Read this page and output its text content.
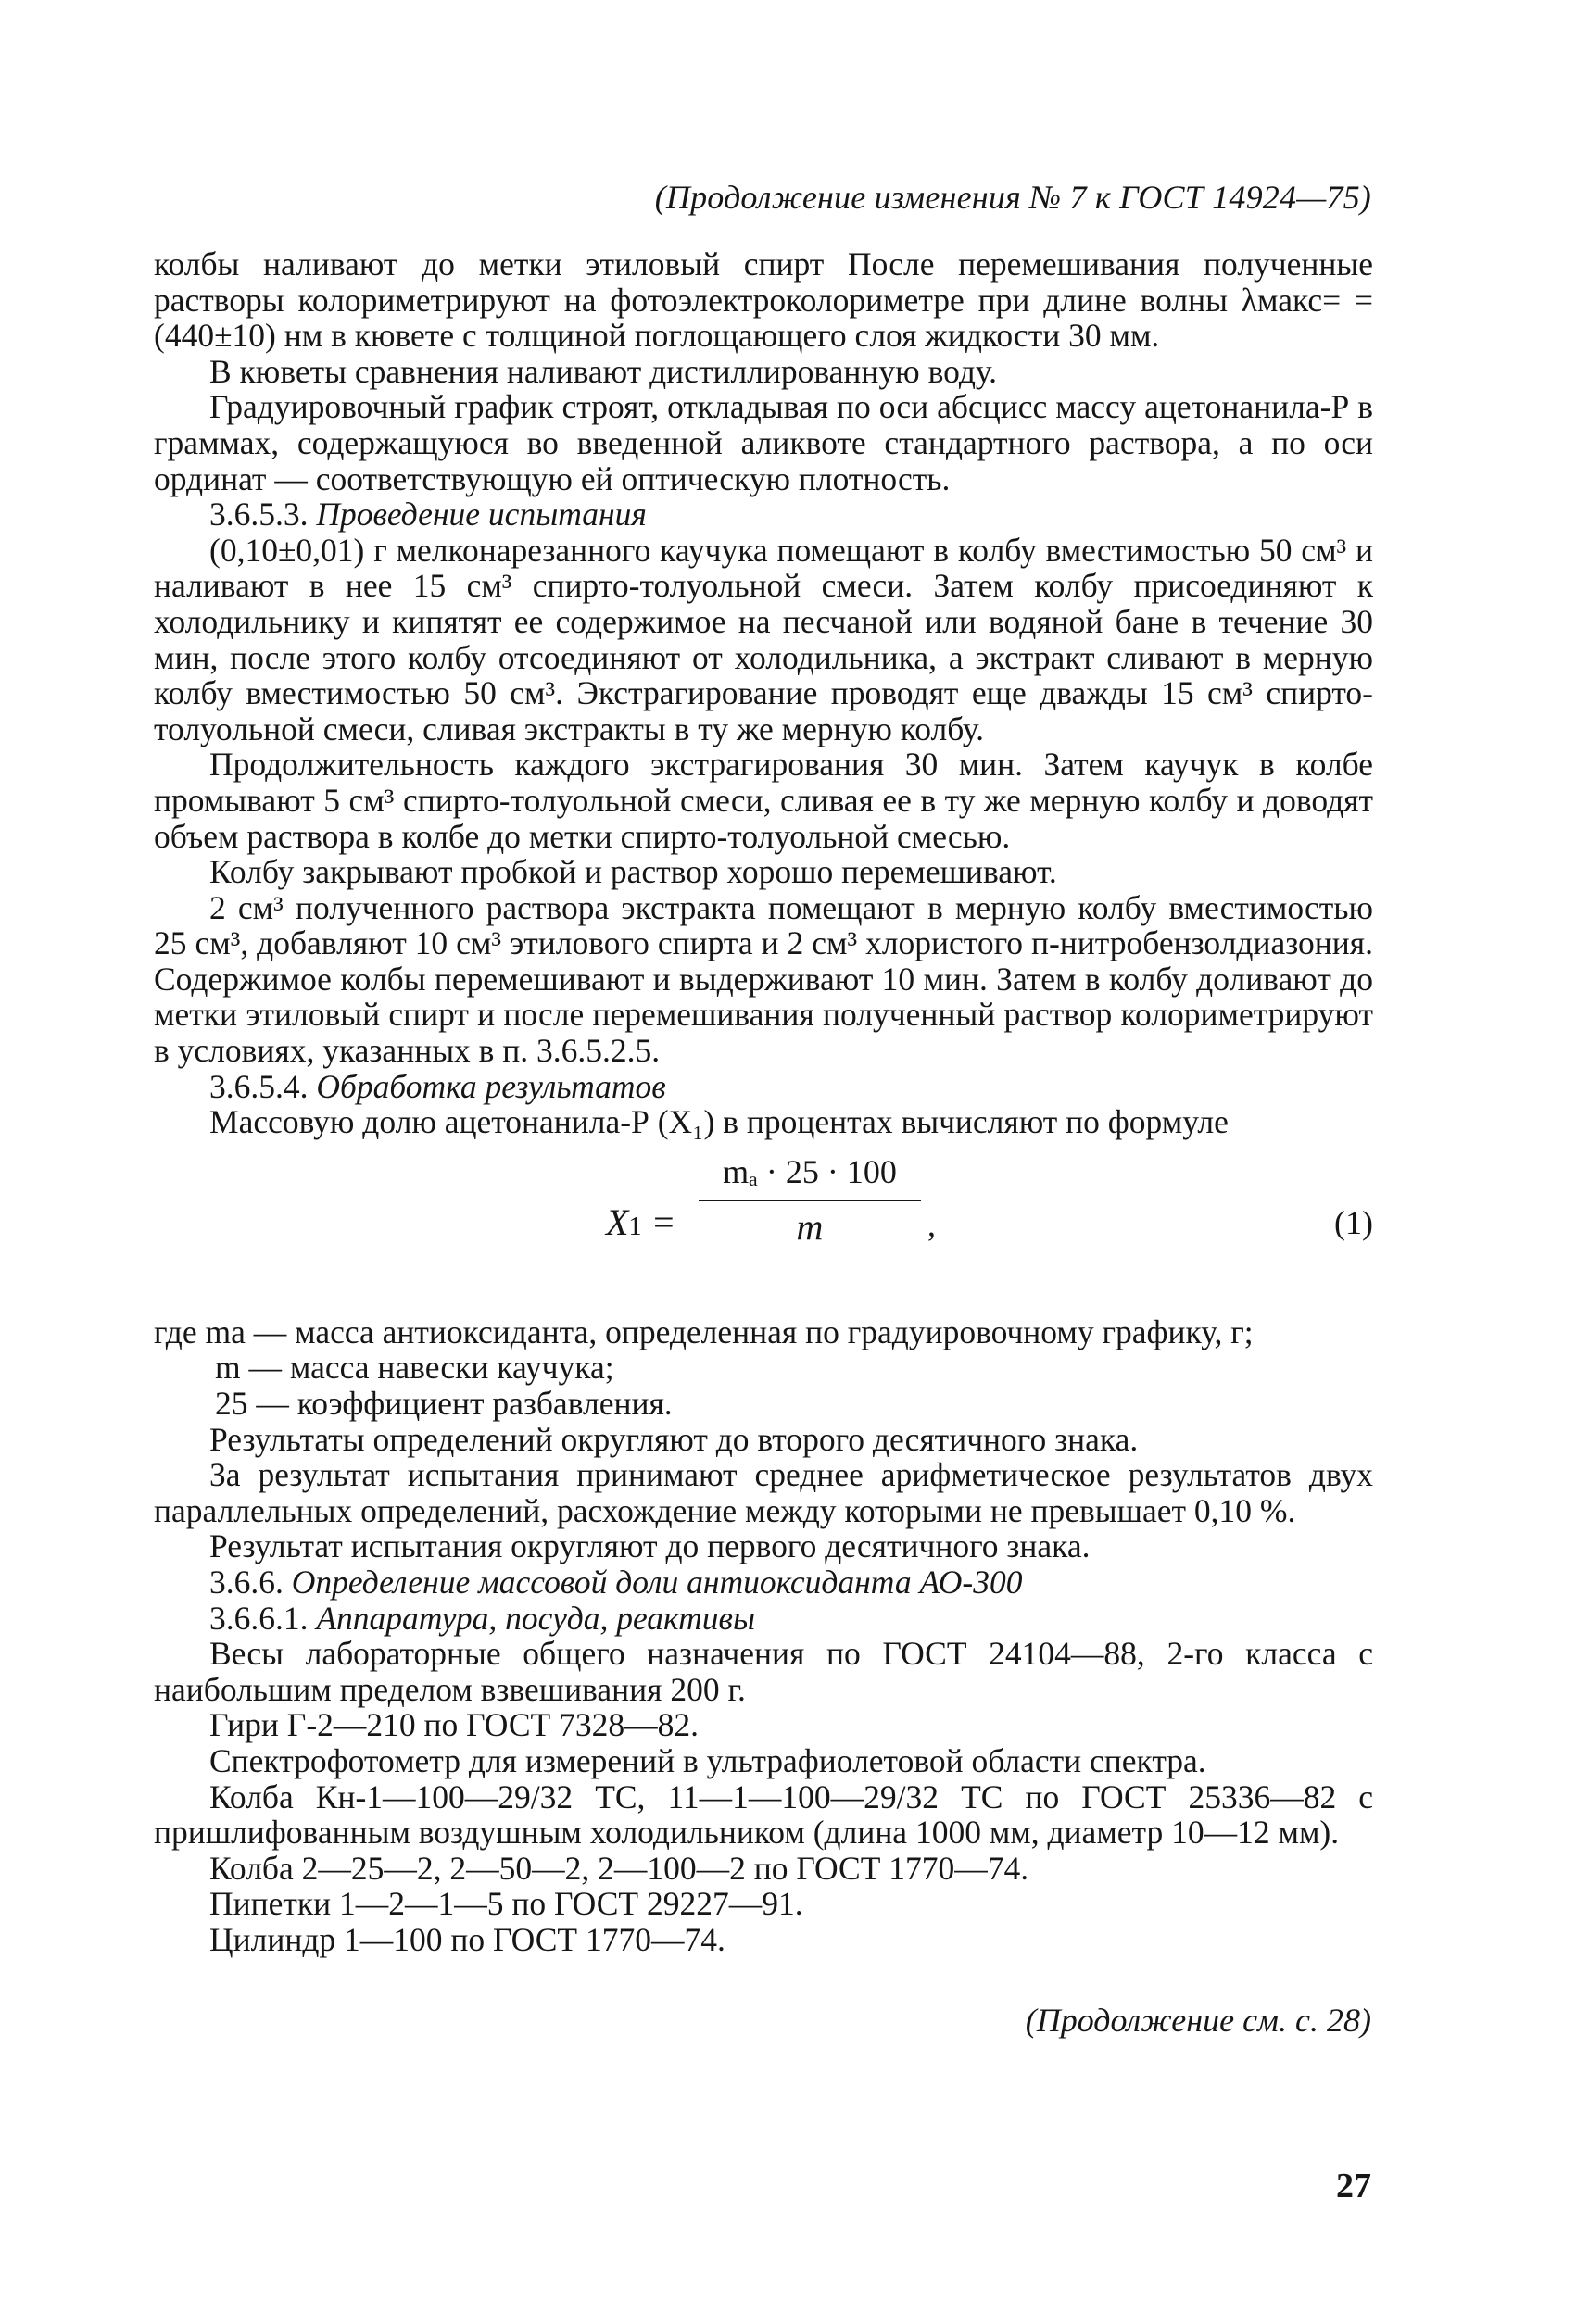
(Продолжение изменения № 7 к ГОСТ 14924—75)

колбы наливают до метки этиловый спирт После перемешивания полученные растворы колориметрируют на фотоэлектроколориметре при длине волны λмакс= =(440±10) нм в кювете с толщиной поглощающего слоя жидкости 30 мм.

В кюветы сравнения наливают дистиллированную воду.

Градуировочный график строят, откладывая по оси абсцисс массу ацетонанила-Р в граммах, содержащуюся во введенной аликвоте стандартного раствора, а по оси ординат — соответствующую ей оптическую плотность.

3.6.5.3. Проведение испытания

(0,10±0,01) г мелконарезанного каучука помещают в колбу вместимостью 50 см³ и наливают в нее 15 см³ спирто-толуольной смеси. Затем колбу присоединяют к холодильнику и кипятят ее содержимое на песчаной или водяной бане в течение 30 мин, после этого колбу отсоединяют от холодильника, а экстракт сливают в мерную колбу вместимостью 50 см³. Экстрагирование проводят еще дважды 15 см³ спирто-толуольной смеси, сливая экстракты в ту же мерную колбу.

Продолжительность каждого экстрагирования 30 мин. Затем каучук в колбе промывают 5 см³ спирто-толуольной смеси, сливая ее в ту же мерную колбу и доводят объем раствора в колбе до метки спирто-толуольной смесью.

Колбу закрывают пробкой и раствор хорошо перемешивают.

2 см³ полученного раствора экстракта помещают в мерную колбу вместимостью 25 см³, добавляют 10 см³ этилового спирта и 2 см³ хлористого п-нитробензолдиазония. Содержимое колбы перемешивают и выдерживают 10 мин. Затем в колбу доливают до метки этиловый спирт и после перемешивания полученный раствор колориметрируют в условиях, указанных в п. 3.6.5.2.5.

3.6.5.4. Обработка результатов

Массовую долю ацетонанила-Р (X₁) в процентах вычисляют по формуле

X1 =
mₐ · 25 · 100
m	,	(1)

где mа — масса антиоксиданта, определенная по градуировочному графику, г;

m — масса навески каучука;

25 — коэффициент разбавления.

Результаты определений округляют до второго десятичного знака.

За результат испытания принимают среднее арифметическое результатов двух параллельных определений, расхождение между которыми не превышает 0,10 %.

Результат испытания округляют до первого десятичного знака.

3.6.6. Определение массовой доли антиоксиданта АО-300

3.6.6.1. Аппаратура, посуда, реактивы

Весы лабораторные общего назначения по ГОСТ 24104—88, 2-го класса с наибольшим пределом взвешивания 200 г.

Гири Г-2—210 по ГОСТ 7328—82.

Спектрофотометр для измерений в ультрафиолетовой области спектра.

Колба Кн-1—100—29/32 ТС, 11—1—100—29/32 ТС по ГОСТ 25336—82 с пришлифованным воздушным холодильником (длина 1000 мм, диаметр 10—12 мм).

Колба 2—25—2, 2—50—2, 2—100—2 по ГОСТ 1770—74.

Пипетки 1—2—1—5 по ГОСТ 29227—91.

Цилиндр 1—100 по ГОСТ 1770—74.

(Продолжение см. с. 28)
27
